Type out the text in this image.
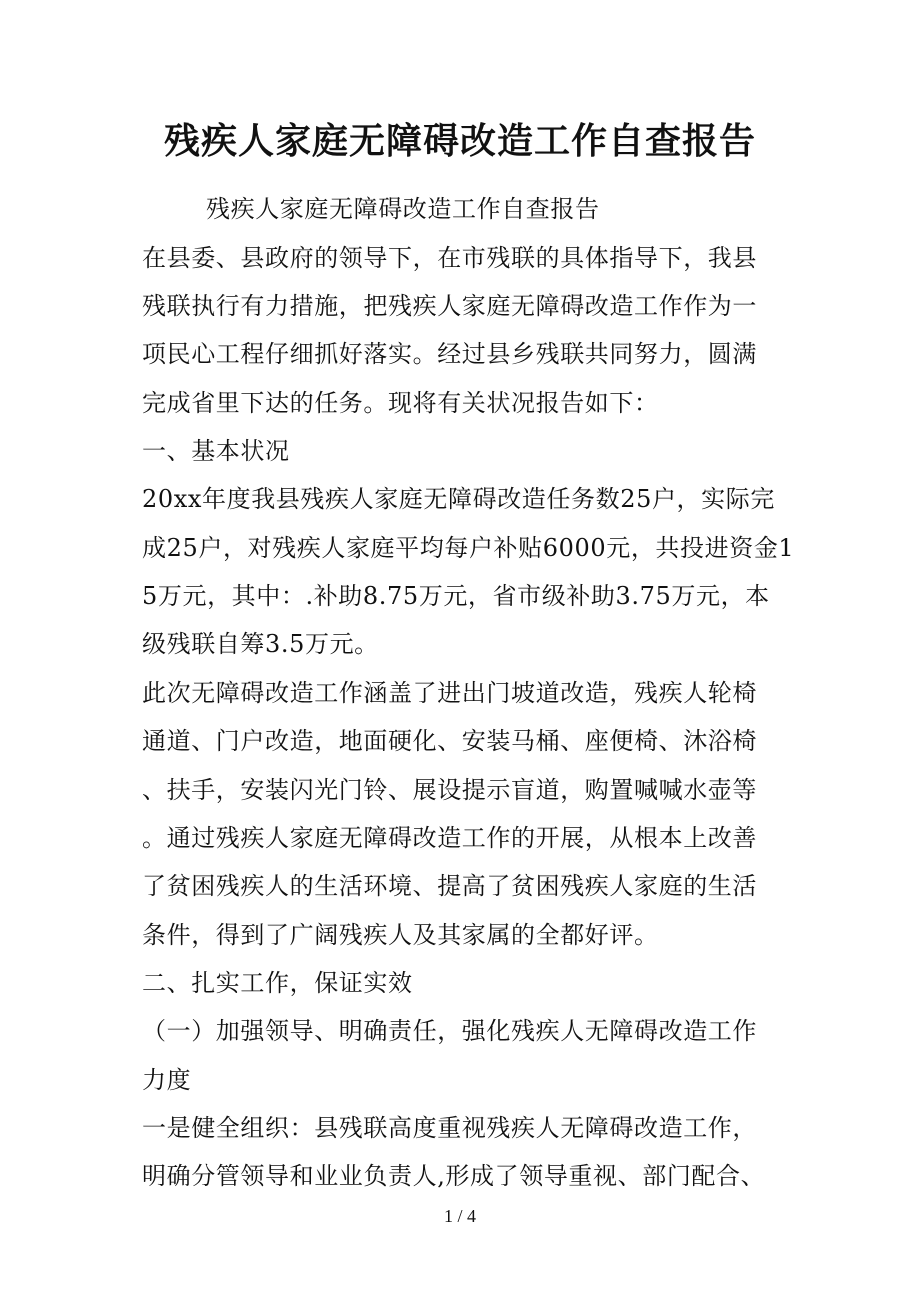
残疾人家庭无障碍改造工作自查报告
残疾人家庭无障碍改造工作自查报告
在县委、县政府的领导下，在市残联的具体指导下，我县
残联执行有力措施，把残疾人家庭无障碍改造工作作为一
项民心工程仔细抓好落实。经过县乡残联共同努力，圆满
完成省里下达的任务。现将有关状况报告如下：
一、基本状况
20xx年度我县残疾人家庭无障碍改造任务数25户，实际完
成25户，对残疾人家庭平均每户补贴6000元，共投进资金1
5万元，其中：.补助8.75万元，省市级补助3.75万元，本
级残联自筹3.5万元。
此次无障碍改造工作涵盖了进出门坡道改造，残疾人轮椅
通道、门户改造，地面硬化、安装马桶、座便椅、沐浴椅
、扶手，安装闪光门铃、展设提示盲道，购置喊喊水壶等
。通过残疾人家庭无障碍改造工作的开展，从根本上改善
了贫困残疾人的生活环境、提高了贫困残疾人家庭的生活
条件，得到了广阔残疾人及其家属的全都好评。
二、扎实工作，保证实效
（一）加强领导、明确责任，强化残疾人无障碍改造工作
力度
一是健全组织：县残联高度重视残疾人无障碍改造工作，
明确分管领导和业业负责人,形成了领导重视、部门配合、
1 / 4
